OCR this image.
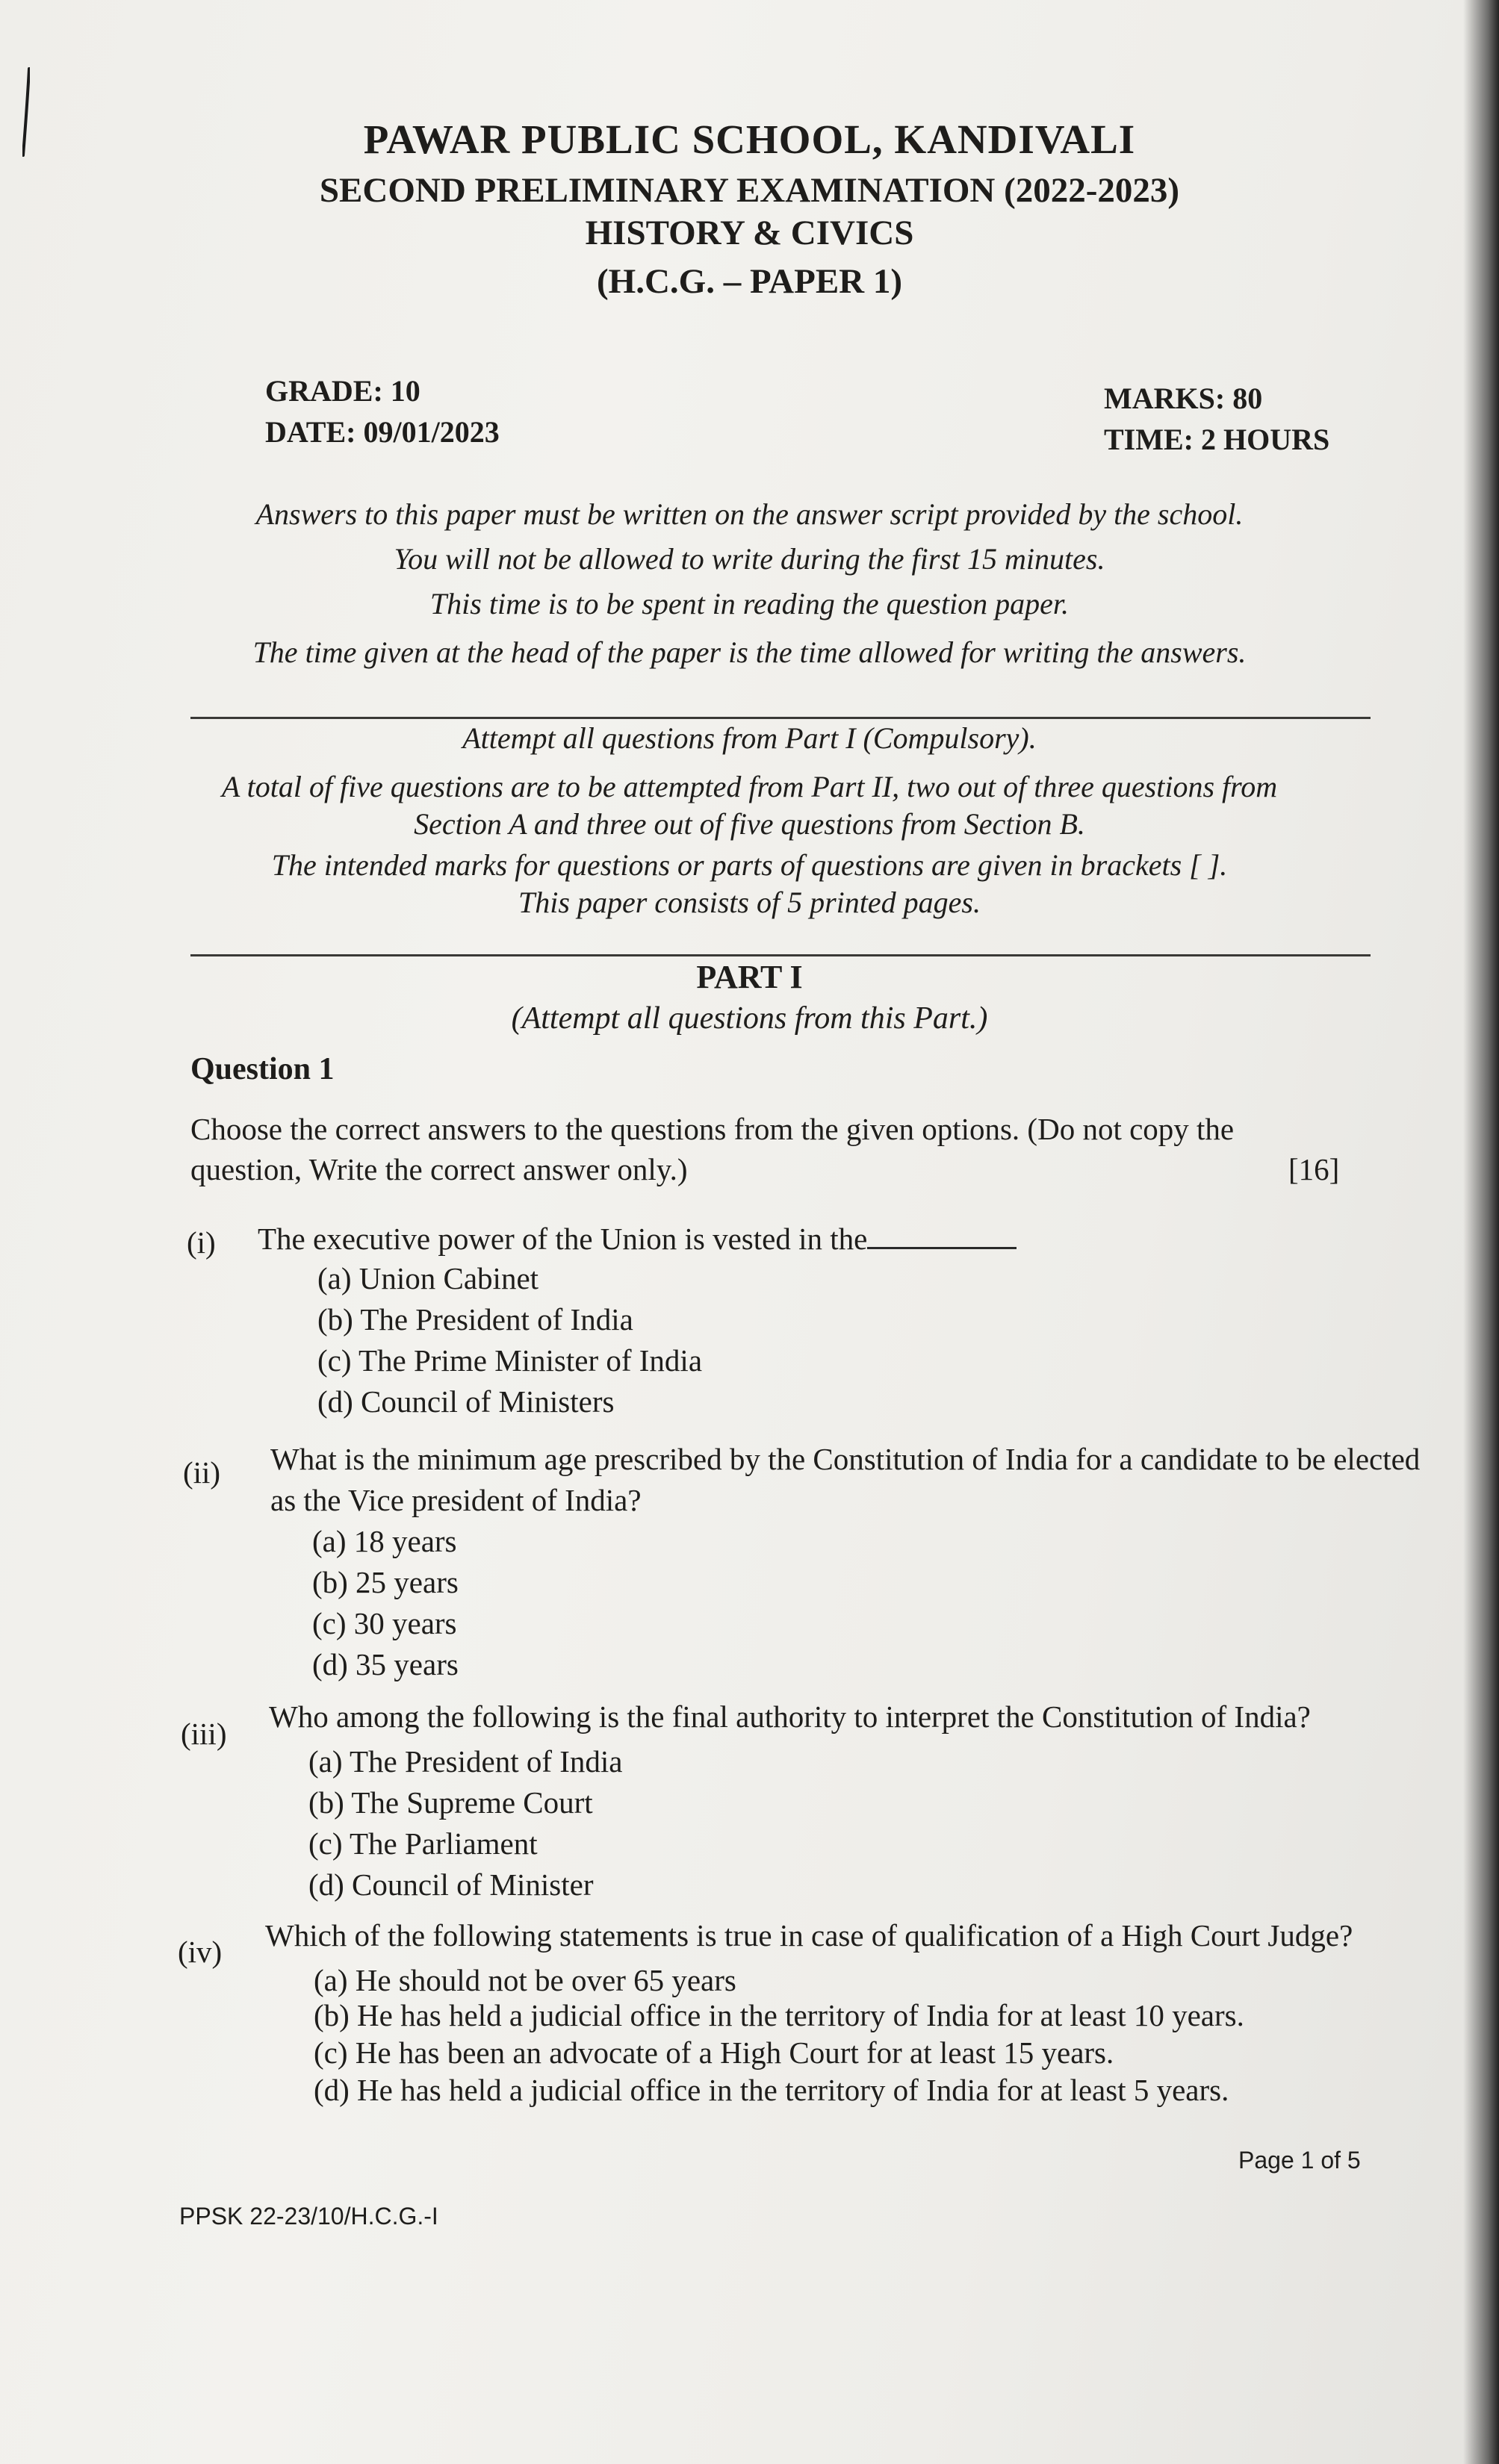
PAWAR PUBLIC SCHOOL, KANDIVALI
SECOND PRELIMINARY EXAMINATION (2022-2023)
HISTORY & CIVICS
(H.C.G. – PAPER 1)
GRADE: 10
DATE: 09/01/2023
MARKS: 80
TIME: 2 HOURS
Answers to this paper must be written on the answer script provided by the school.
You will not be allowed to write during the first 15 minutes.
This time is to be spent in reading the question paper.
The time given at the head of the paper is the time allowed for writing the answers.
Attempt all questions from Part I (Compulsory).
A total of five questions are to be attempted from Part II, two out of three questions from
Section A and three out of five questions from Section B.
The intended marks for questions or parts of questions are given in brackets [ ].
This paper consists of 5 printed pages.
PART I
(Attempt all questions from this Part.)
Question 1
Choose the correct answers to the questions from the given options. (Do not copy the
question, Write the correct answer only.)	[16]
(i) The executive power of the Union is vested in the
(a) Union Cabinet
(b) The President of India
(c) The Prime Minister of India
(d) Council of Ministers
(ii) What is the minimum age prescribed by the Constitution of India for a candidate to be elected
as the Vice president of India?
(a) 18 years
(b) 25 years
(c) 30 years
(d) 35 years
(iii) Who among the following is the final authority to interpret the Constitution of India?
(a) The President of India
(b) The Supreme Court
(c) The Parliament
(d) Council of Minister
(iv) Which of the following statements is true in case of qualification of a High Court Judge?
(a) He should not be over 65 years
(b) He has held a judicial office in the territory of India for at least 10 years.
(c) He has been an advocate of a High Court for at least 15 years.
(d) He has held a judicial office in the territory of India for at least 5 years.
Page 1 of 5
PPSK 22-23/10/H.C.G.-I
